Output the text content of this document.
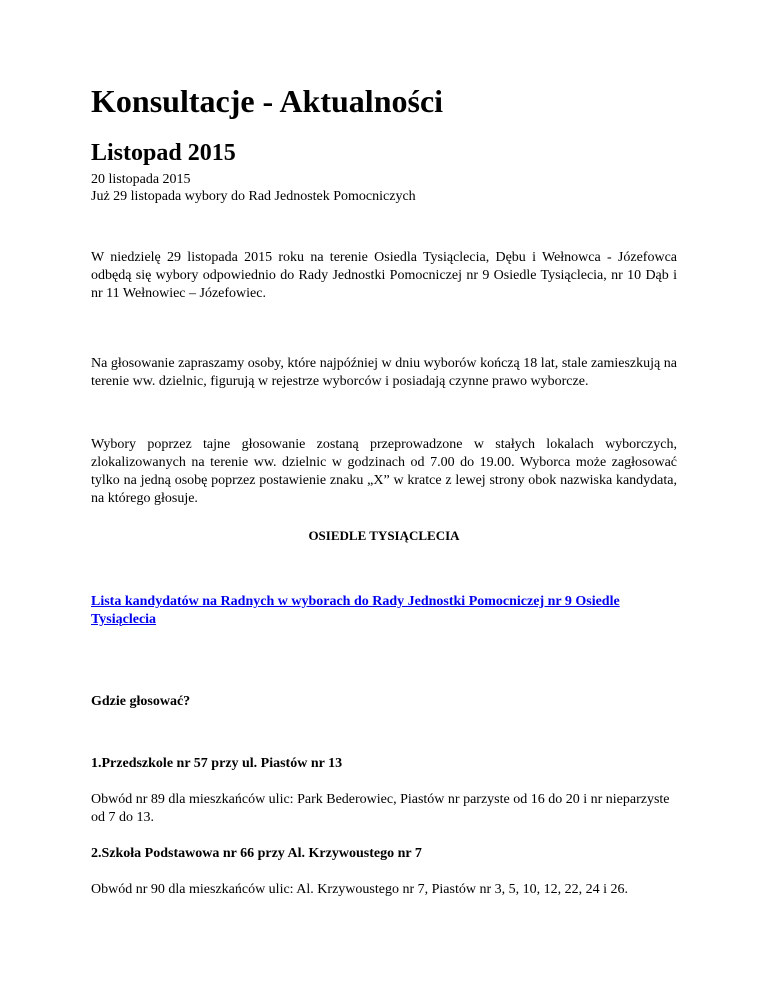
Konsultacje - Aktualności
Listopad 2015
20 listopada 2015
Już 29 listopada wybory do Rad Jednostek Pomocniczych

W niedzielę 29 listopada 2015 roku na terenie Osiedla Tysiąclecia, Dębu i Wełnowca - Józefowca odbędą się wybory odpowiednio do Rady Jednostki Pomocniczej nr 9 Osiedle Tysiąclecia, nr 10 Dąb i nr 11 Wełnowiec – Józefowiec.

Na głosowanie zapraszamy osoby, które najpóźniej w dniu wyborów kończą 18 lat, stale zamieszkują na terenie ww. dzielnic, figurują w rejestrze wyborców i posiadają czynne prawo wyborcze.

Wybory poprzez tajne głosowanie zostaną przeprowadzone w stałych lokalach wyborczych, zlokalizowanych na terenie ww. dzielnic w godzinach od 7.00 do 19.00. Wyborca może zagłosować tylko na jedną osobę poprzez postawienie znaku „X” w kratce z lewej strony obok nazwiska kandydata, na którego głosuje.

OSIEDLE TYSIĄCLECIA
Lista kandydatów na Radnych w wyborach do Rady Jednostki Pomocniczej nr 9 Osiedle Tysiąclecia
Gdzie głosować?
1.Przedszkole nr 57 przy ul. Piastów nr 13

Obwód nr 89 dla mieszkańców ulic: Park Bederowiec, Piastów nr parzyste od 16 do 20 i nr nieparzyste od 7 do 13.

2.Szkoła Podstawowa nr 66 przy Al. Krzywoustego nr 7

Obwód nr 90 dla mieszkańców ulic: Al. Krzywoustego nr 7, Piastów nr 3, 5, 10, 12, 22, 24 i 26.
